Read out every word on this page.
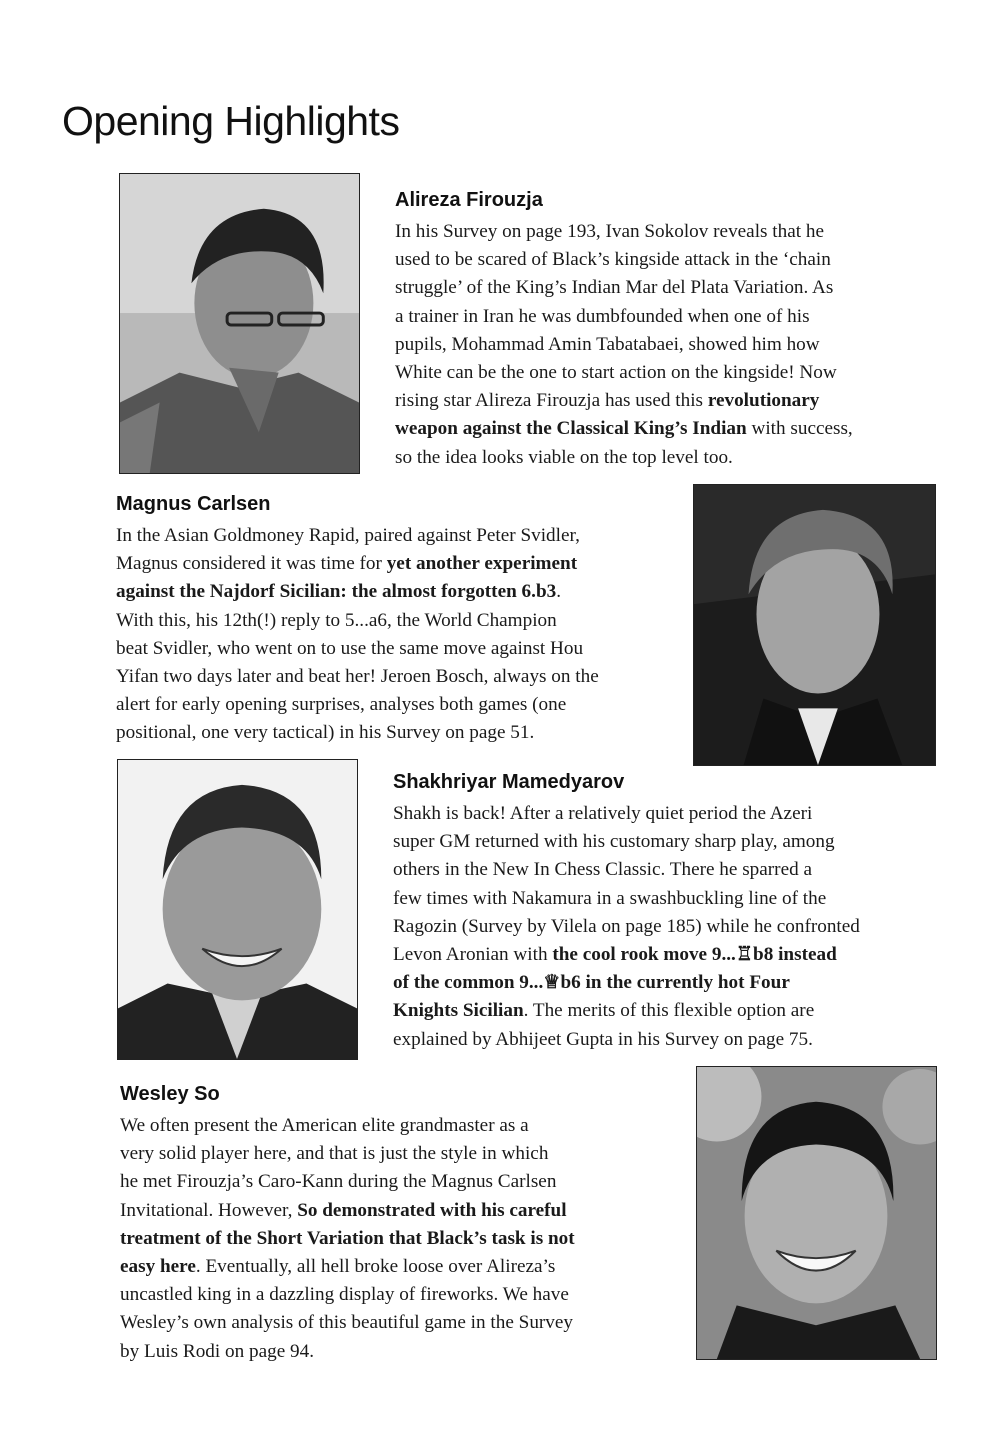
Opening Highlights
Alireza Firouzja

In his Survey on page 193, Ivan Sokolov reveals that he
used to be scared of Black’s kingside attack in the ‘chain
struggle’ of the King’s Indian Mar del Plata Variation. As
a trainer in Iran he was dumbfounded when one of his
pupils, Mohammad Amin Tabatabaei, showed him how
White can be the one to start action on the kingside! Now
rising star Alireza Firouzja has used this revolutionary
weapon against the Classical King’s Indian with success,
so the idea looks viable on the top level too.

Magnus Carlsen

In the Asian Goldmoney Rapid, paired against Peter Svidler,
Magnus considered it was time for yet another experiment
against the Najdorf Sicilian: the almost forgotten 6.b3.
With this, his 12th(!) reply to 5...a6, the World Champion
beat Svidler, who went on to use the same move against Hou
Yifan two days later and beat her! Jeroen Bosch, always on the
alert for early opening surprises, analyses both games (one
positional, one very tactical) in his Survey on page 51.

Shakhriyar Mamedyarov

Shakh is back! After a relatively quiet period the Azeri
super GM returned with his customary sharp play, among
others in the New In Chess Classic. There he sparred a
few times with Nakamura in a swashbuckling line of the
Ragozin (Survey by Vilela on page 185) while he confronted
Levon Aronian with the cool rook move 9...♖b8 instead
of the common 9...♕b6 in the currently hot Four
Knights Sicilian. The merits of this flexible option are
explained by Abhijeet Gupta in his Survey on page 75.

Wesley So

We often present the American elite grandmaster as a
very solid player here, and that is just the style in which
he met Firouzja’s Caro-Kann during the Magnus Carlsen
Invitational. However, So demonstrated with his careful
treatment of the Short Variation that Black’s task is not
easy here. Eventually, all hell broke loose over Alireza’s
uncastled king in a dazzling display of fireworks. We have
Wesley’s own analysis of this beautiful game in the Survey
by Luis Rodi on page 94.
